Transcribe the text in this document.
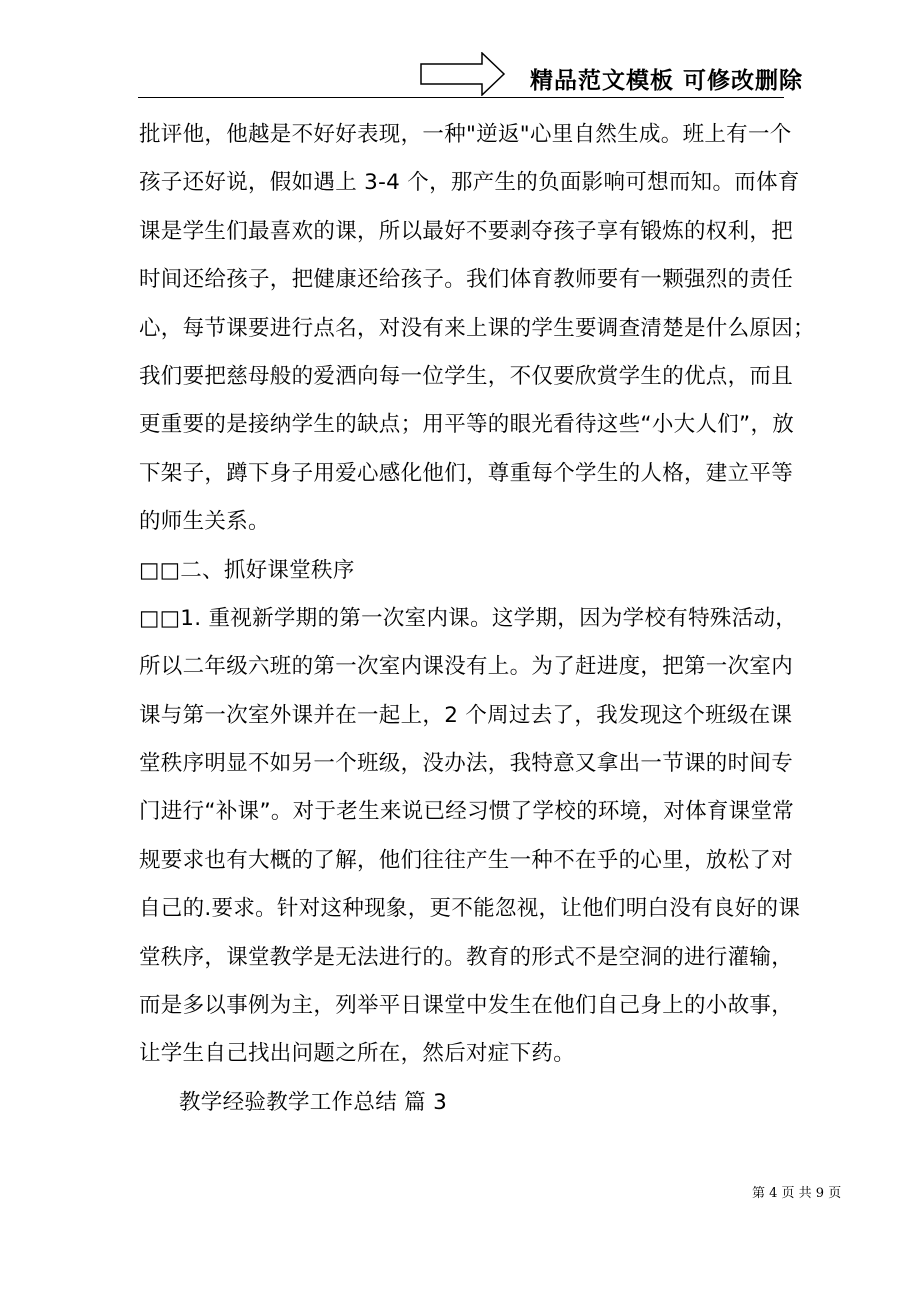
精品范文模板 可修改删除
批评他，他越是不好好表现，一种"逆返"心里自然生成。班上有一个
孩子还好说，假如遇上 3-4 个，那产生的负面影响可想而知。而体育
课是学生们最喜欢的课，所以最好不要剥夺孩子享有锻炼的权利，把
时间还给孩子，把健康还给孩子。我们体育教师要有一颗强烈的责任
心，每节课要进行点名，对没有来上课的学生要调查清楚是什么原因；
我们要把慈母般的爱洒向每一位学生，不仅要欣赏学生的优点，而且
更重要的是接纳学生的缺点；用平等的眼光看待这些“小大人们”，放
下架子，蹲下身子用爱心感化他们，尊重每个学生的人格，建立平等
的师生关系。
□□二、抓好课堂秩序
□□1. 重视新学期的第一次室内课。这学期，因为学校有特殊活动，
所以二年级六班的第一次室内课没有上。为了赶进度，把第一次室内
课与第一次室外课并在一起上，2 个周过去了，我发现这个班级在课
堂秩序明显不如另一个班级，没办法，我特意又拿出一节课的时间专
门进行“补课”。对于老生来说已经习惯了学校的环境，对体育课堂常
规要求也有大概的了解，他们往往产生一种不在乎的心里，放松了对
自己的.要求。针对这种现象，更不能忽视，让他们明白没有良好的课
堂秩序，课堂教学是无法进行的。教育的形式不是空洞的进行灌输，
而是多以事例为主，列举平日课堂中发生在他们自己身上的小故事，
让学生自己找出问题之所在，然后对症下药。
教学经验教学工作总结 篇 3
第 4 页 共 9 页
